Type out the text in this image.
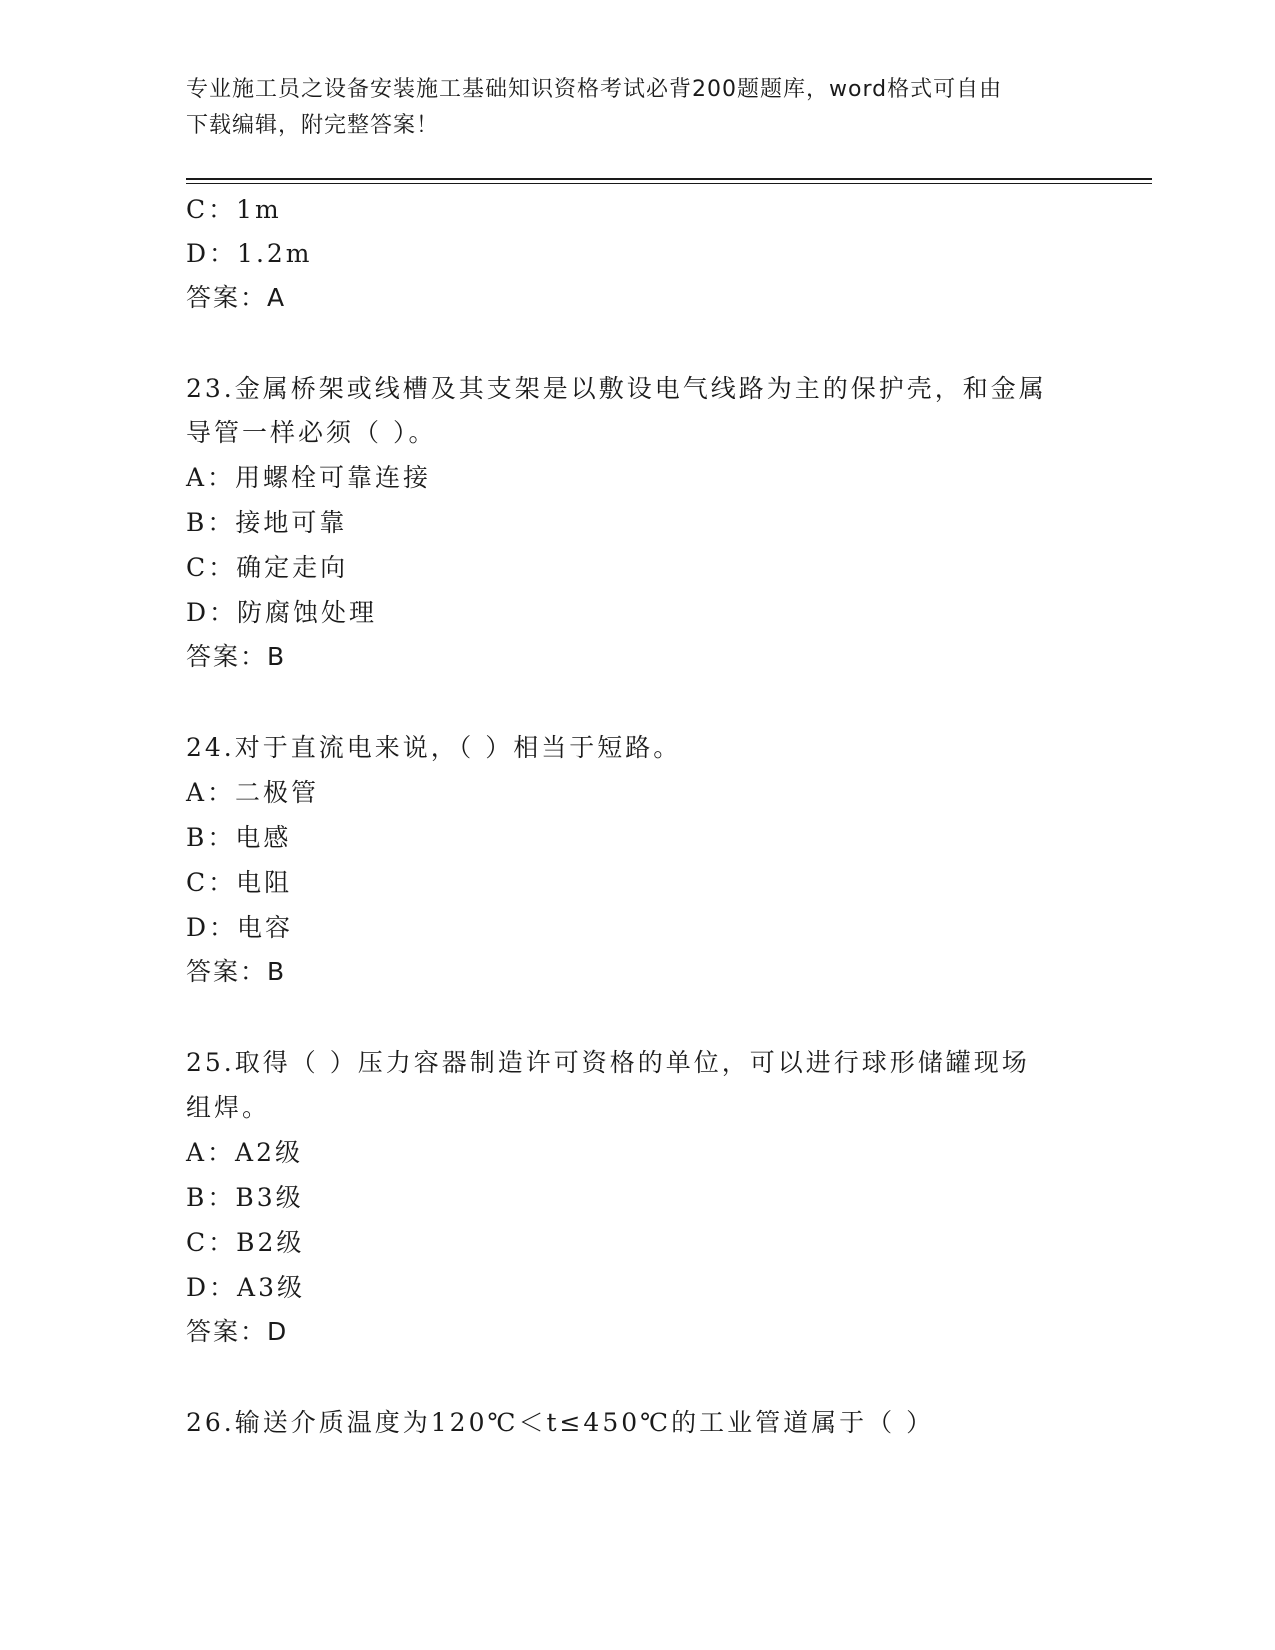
专业施工员之设备安装施工基础知识资格考试必背200题题库，word格式可自由
下载编辑，附完整答案！
C：1m
D：1.2m
答案：A
23.金属桥架或线槽及其支架是以敷设电气线路为主的保护壳，和金属
导管一样必须（ ）。
A：用螺栓可靠连接
B：接地可靠
C：确定走向
D：防腐蚀处理
答案：B
24.对于直流电来说，（ ）相当于短路。
A：二极管
B：电感
C：电阻
D：电容
答案：B
25.取得（ ）压力容器制造许可资格的单位，可以进行球形储罐现场
组焊。
A：A2级
B：B3级
C：B2级
D：A3级
答案：D
26.输送介质温度为120℃＜t≤450℃的工业管道属于（ ）
